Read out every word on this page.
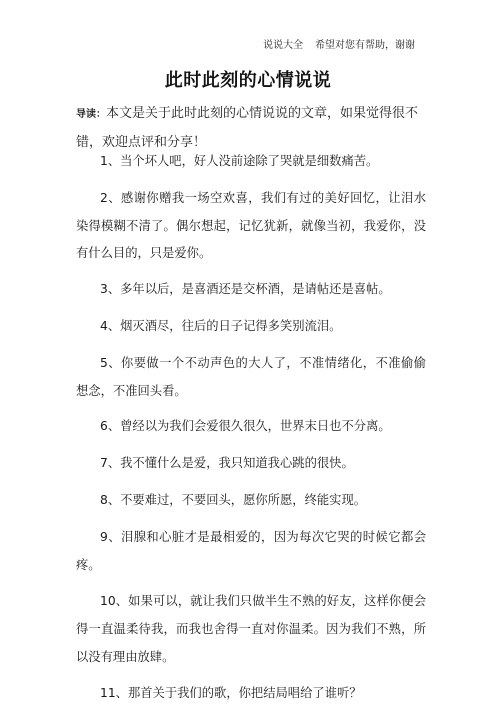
说说大全 希望对您有帮助，谢谢
此时此刻的心情说说
导读：本文是关于此时此刻的心情说说的文章，如果觉得很不错，欢迎点评和分享！

1、当个坏人吧，好人没前途除了哭就是细数痛苦。

2、感谢你赠我一场空欢喜，我们有过的美好回忆，让泪水染得模糊不清了。偶尔想起，记忆犹新，就像当初，我爱你，没有什么目的，只是爱你。

3、多年以后，是喜酒还是交杯酒，是请帖还是喜帖。

4、烟灭酒尽，往后的日子记得多笑别流泪。

5、你要做一个不动声色的大人了，不准情绪化，不准偷偷想念，不准回头看。

6、曾经以为我们会爱很久很久，世界末日也不分离。

7、我不懂什么是爱，我只知道我心跳的很快。

8、不要难过，不要回头，愿你所愿，终能实现。

9、泪腺和心脏才是最相爱的，因为每次它哭的时候它都会疼。

10、如果可以，就让我们只做半生不熟的好友，这样你便会得一直温柔待我，而我也舍得一直对你温柔。因为我们不熟，所以没有理由放肆。

11、那首关于我们的歌，你把结局唱给了谁听？
